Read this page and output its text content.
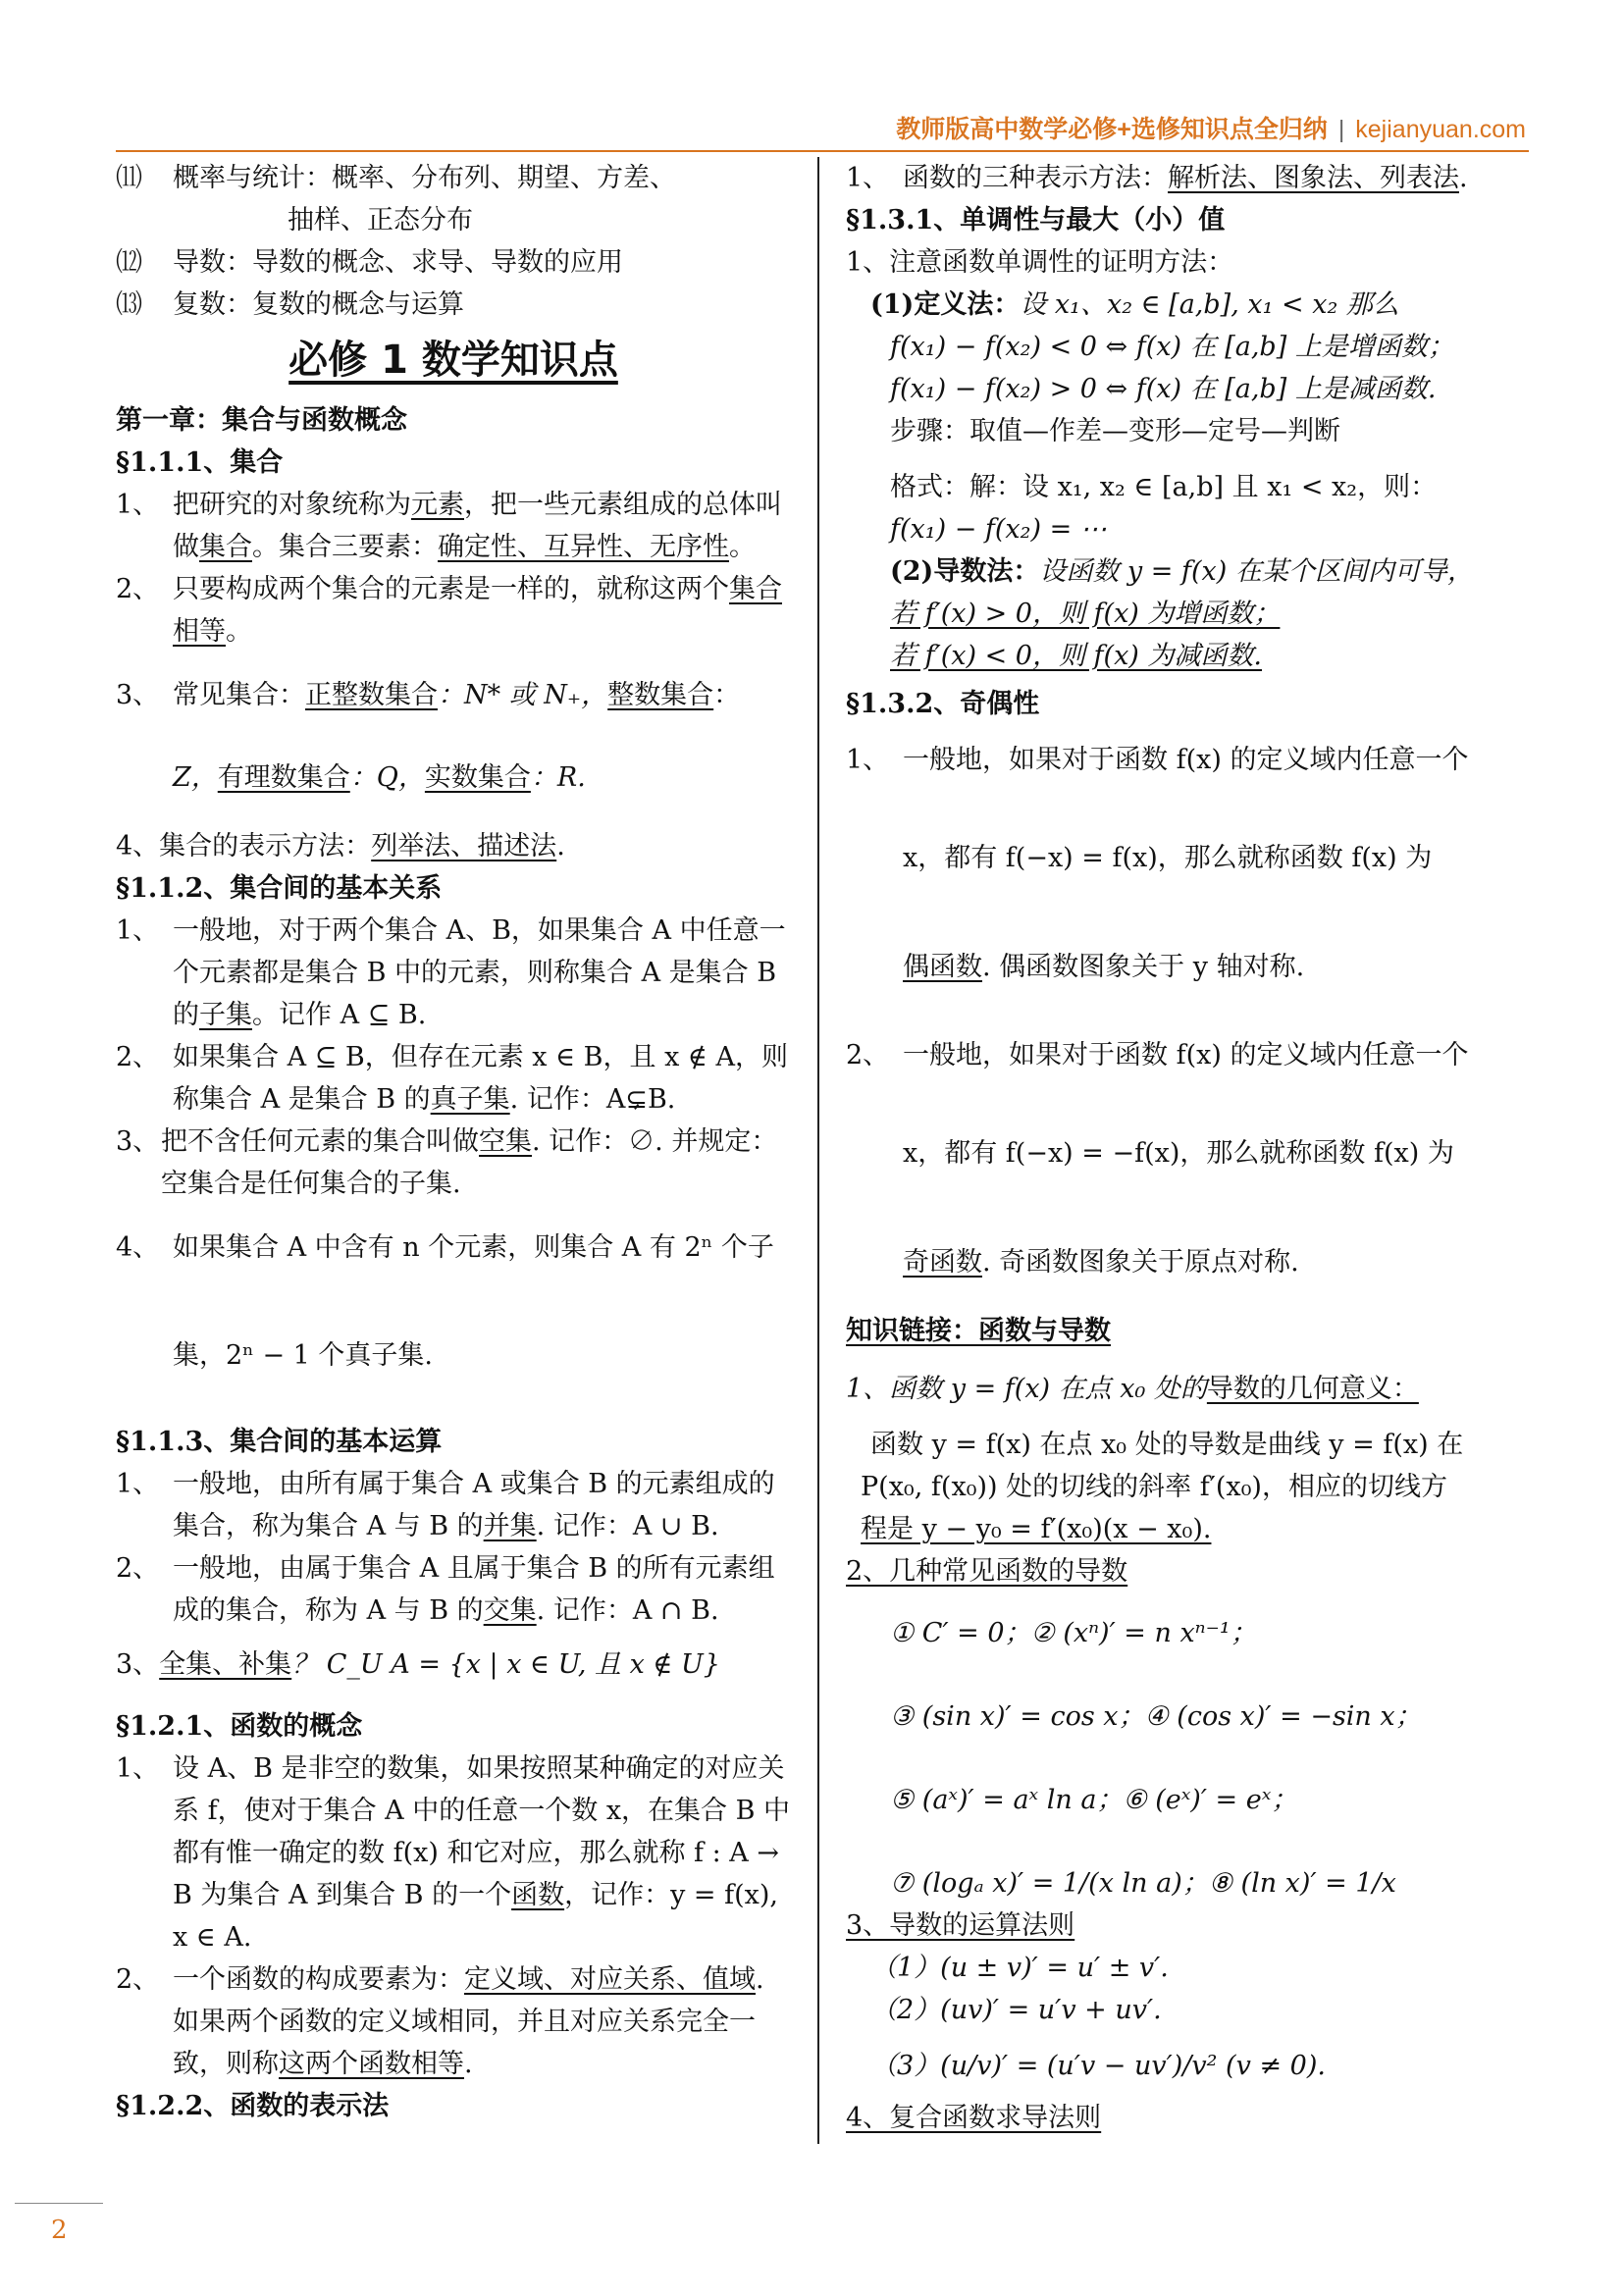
教师版高中数学必修+选修知识点全归纳 | kejianyuan.com

⑾ 概率与统计：概率、分布列、期望、方差、
抽样、正态分布

⑿ 导数：导数的概念、求导、导数的应用

⒀ 复数：复数的概念与运算

必修 1 数学知识点

第一章：集合与函数概念

§1.1.1、集合

1、 把研究的对象统称为元素，把一些元素组成的总体叫做集合。集合三要素：确定性、互异性、无序性。

2、 只要构成两个集合的元素是一样的，就称这两个集合相等。

3、 常见集合：正整数集合：N* 或 N₊，整数集合：

Z，有理数集合：Q，实数集合：R.

4、集合的表示方法：列举法、描述法.

§1.1.2、集合间的基本关系

1、 一般地，对于两个集合 A、B，如果集合 A 中任意一个元素都是集合 B 中的元素，则称集合 A 是集合 B 的子集。记作 A ⊆ B.

2、 如果集合 A ⊆ B，但存在元素 x ∈ B，且 x ∉ A，则称集合 A 是集合 B 的真子集. 记作：A⊊B.

3、 把不含任何元素的集合叫做空集. 记作：∅. 并规定：空集合是任何集合的子集.

4、 如果集合 A 中含有 n 个元素，则集合 A 有 2ⁿ 个子

集，2ⁿ − 1 个真子集.

§1.1.3、集合间的基本运算

1、 一般地，由所有属于集合 A 或集合 B 的元素组成的集合，称为集合 A 与 B 的并集. 记作：A ∪ B.

2、 一般地，由属于集合 A 且属于集合 B 的所有元素组成的集合，称为 A 与 B 的交集. 记作：A ∩ B.

3、全集、补集？ C_U A = {x | x ∈ U, 且 x ∉ U}

§1.2.1、函数的概念

1、 设 A、B 是非空的数集，如果按照某种确定的对应关系 f，使对于集合 A 中的任意一个数 x，在集合 B 中都有惟一确定的数 f(x) 和它对应，那么就称 f : A → B 为集合 A 到集合 B 的一个函数，记作：y = f(x), x ∈ A.

2、 一个函数的构成要素为：定义域、对应关系、值域. 如果两个函数的定义域相同，并且对应关系完全一致，则称这两个函数相等.

§1.2.2、函数的表示法

1、 函数的三种表示方法：解析法、图象法、列表法.

§1.3.1、单调性与最大（小）值

1、注意函数单调性的证明方法：

(1)定义法：设 x₁、x₂ ∈ [a,b], x₁ < x₂ 那么

f(x₁) − f(x₂) < 0 ⇔ f(x) 在 [a,b] 上是增函数；

f(x₁) − f(x₂) > 0 ⇔ f(x) 在 [a,b] 上是减函数.

步骤：取值—作差—变形—定号—判断

格式：解：设 x₁, x₂ ∈ [a,b] 且 x₁ < x₂，则：

f(x₁) − f(x₂) = ⋯

(2)导数法：设函数 y = f(x) 在某个区间内可导，

若 f′(x) > 0，则 f(x) 为增函数；

若 f′(x) < 0，则 f(x) 为减函数.

§1.3.2、奇偶性

1、 一般地，如果对于函数 f(x) 的定义域内任意一个

x，都有 f(−x) = f(x)，那么就称函数 f(x) 为

偶函数. 偶函数图象关于 y 轴对称.

2、 一般地，如果对于函数 f(x) 的定义域内任意一个

x，都有 f(−x) = −f(x)，那么就称函数 f(x) 为

奇函数. 奇函数图象关于原点对称.

知识链接：函数与导数

1、函数 y = f(x) 在点 x₀ 处的导数的几何意义：

函数 y = f(x) 在点 x₀ 处的导数是曲线 y = f(x) 在

P(x₀, f(x₀)) 处的切线的斜率 f′(x₀)，相应的切线方

程是 y − y₀ = f′(x₀)(x − x₀).

2、几种常见函数的导数

① C′ = 0；② (xⁿ)′ = n xⁿ⁻¹；

③ (sin x)′ = cos x；④ (cos x)′ = −sin x；

⑤ (aˣ)′ = aˣ ln a；⑥ (eˣ)′ = eˣ；

⑦ (logₐ x)′ = 1/(x ln a)；⑧ (ln x)′ = 1/x

3、导数的运算法则

（1）(u ± v)′ = u′ ± v′.

（2）(uv)′ = u′v + uv′.

（3）(u/v)′ = (u′v − uv′)/v² (v ≠ 0).

4、复合函数求导法则

2
